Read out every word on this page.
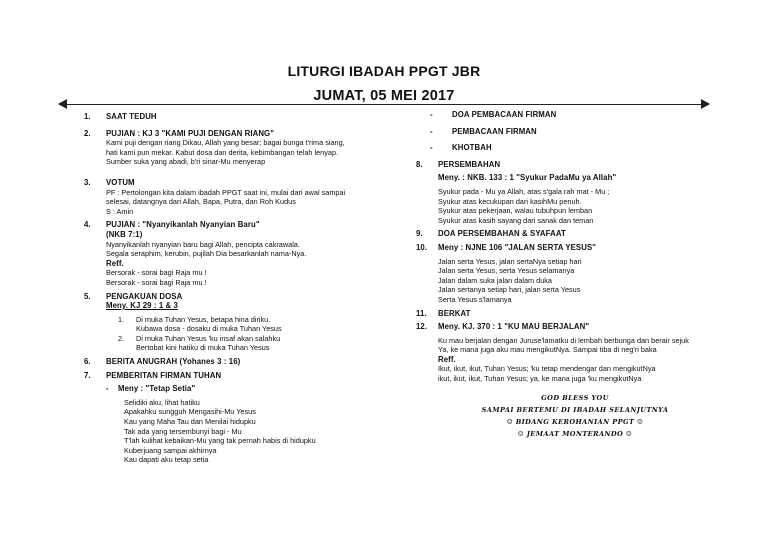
LITURGI IBADAH PPGT JBR
JUMAT, 05 MEI 2017
1.	SAAT TEDUH
2.	PUJIAN : KJ 3 "KAMI PUJI DENGAN RIANG"
Kami puji dengan riang Dikau, Allah yang besar; bagai bunga t'rima siang,
hati kami pun mekar. Kabut dosa dan derita, kebimbangan telah lenyap.
Sumber suka yang abadi, b'ri sinar-Mu menyerap
3.	VOTUM
PF : Pertolongan kita dalam ibadah PPGT saat ini, mulai dari awal sampai
selesai, datangnya dari Allah, Bapa, Putra, dan Roh Kudus
S : Amin
4.	PUJIAN : "Nyanyikanlah Nyanyian Baru"
(NKB 7:1)
Nyanyikanlah nyanyian baru bagi Allah, pencipta cakrawala.
Segala seraphim, kerubin, pujilah Dia besarkanlah nama-Nya.
Reff.
Bersorak - sorai bagi Raja mu !
Bersorak - sorai bagi Raja mu !
5.	PENGAKUAN DOSA
Meny. KJ 29 : 1 & 3
1.	Di muka Tuhan Yesus, betapa hina diriku.
Kubawa dosa - dosaku di muka Tuhan Yesus
2.	Di muka Tuhan Yesus 'ku insaf akan salahku
Bertobat kini hatiku di muka Tuhan Yesus
6.	BERITA ANUGRAH (Yohanes 3 : 16)
7.	PEMBERITAN FIRMAN TUHAN
-	Meny : "Tetap Setia"
Selidiki aku, lihat hatiku
Apakahku sungguh Mengasihi-Mu Yesus
Kau yang Maha Tau dan Menilai hidupku
Tak ada yang tersembunyi bagi - Mu
T'lah kulihat kebaikan-Mu yang tak pernah habis di hidupku
Kuberjuang sampai akhirnya
Kau dapati aku tetap setia
-	DOA PEMBACAAN FIRMAN
-	PEMBACAAN FIRMAN
-	KHOTBAH
8.	PERSEMBAHAN
Meny. : NKB. 133 : 1 "Syukur PadaMu ya Allah"
Syukur pada - Mu ya Allah, atas s'gala rah mat - Mu ;
Syukur atas kecukupan dari kasihMu penuh.
Syukur atas pekerjaan, walau tubuhpun lemban
Syukur atas kasih sayang dari sanak dan teman
9.	DOA PERSEMBAHAN & SYAFAAT
10.	Meny : NJNE 106 "JALAN SERTA YESUS"
Jalan serta Yesus, jalan sertaNya setiap hari
Jalan serta Yesus, serta Yesus selamanya
Jalan dalam suka jalan dalam duka
Jalan sertanya setiap hari, jalan serta Yesus
Serta Yesus s'lamanya
11.	BERKAT
12.	Meny. KJ. 370 : 1 "KU MAU BERJALAN"
Ku mau berjalan dengan Juruse'lamatku di lembah berbunga dan berair sejuk
Ya, ke mana juga aku mau mengikutNya. Sampai tiba di neg'ri baka
Reff.
Ikut, ikut, ikut, Tuhan Yesus; 'ku tetap mendengar dan mengikutNya
ikut, ikut, ikut, Tuhan Yesus; ya, ke mana juga 'ku mengikutNya
GOD BLESS YOU
SAMPAI BERTEMU DI IBADAH SELANJUTNYA
☺ BIDANG KEROHANIAN PPGT ☺
☺ JEMAAT MONTERANDO ☺
